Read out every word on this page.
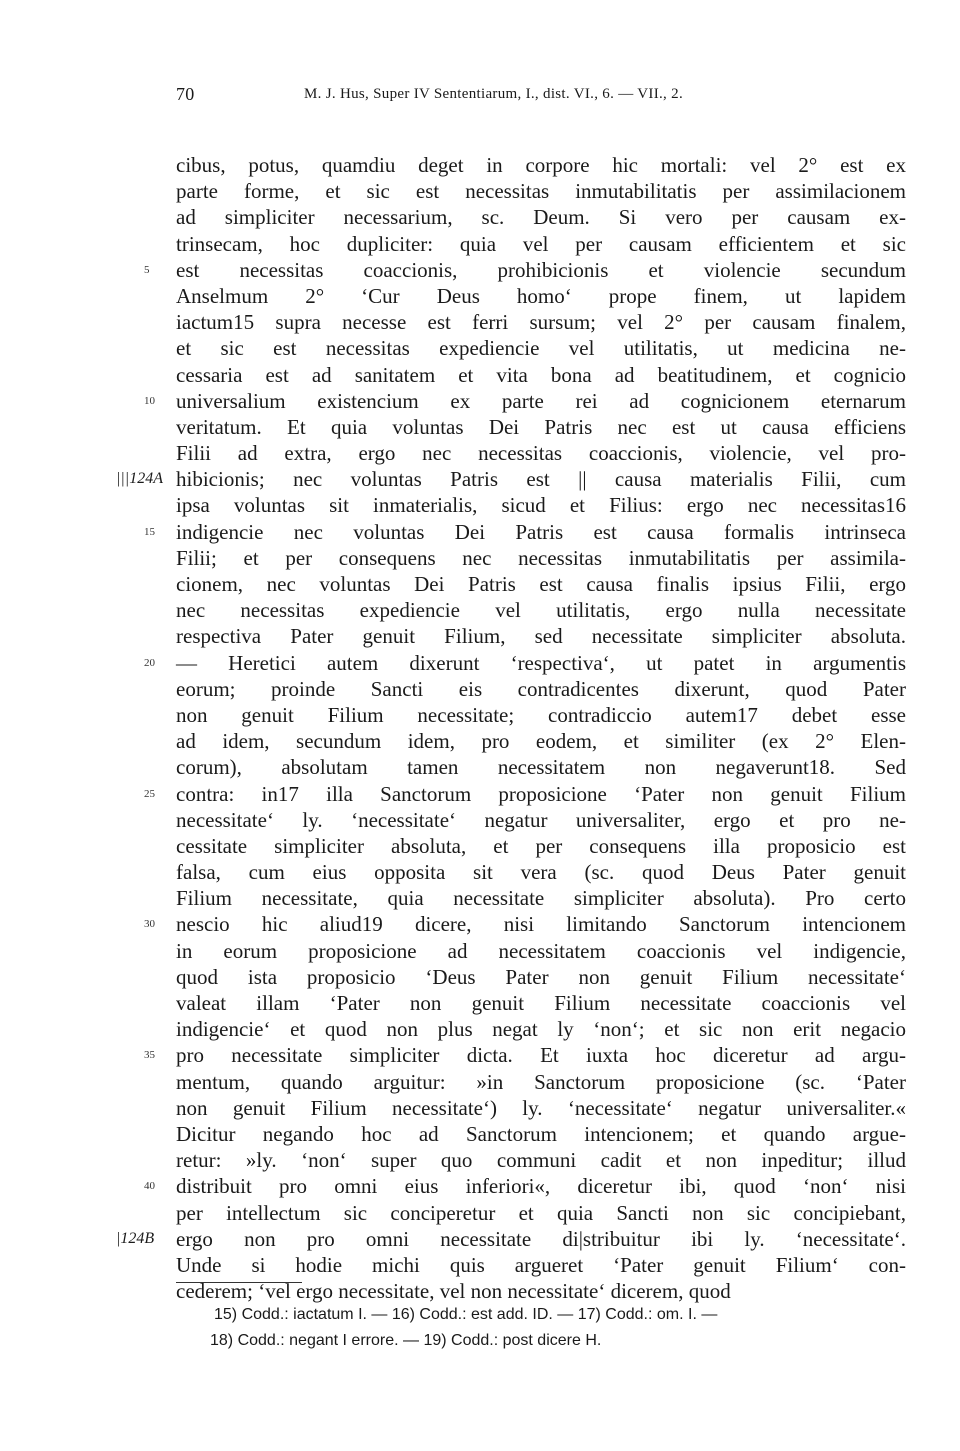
70	M. J. Hus, Super IV Sententiarum, I., dist. VI., 6. — VII., 2.
cibus, potus, quamdiu deget in corpore hic mortali: vel 2° est ex
parte forme, et sic est necessitas inmutabilitatis per assimilacionem
ad simpliciter necessarium, sc. Deum. Si vero per causam ex-
trinsecam, hoc dupliciter: quia vel per causam efficientem et sic
est necessitas coaccionis, prohibicionis et violencie secundum
5
Anselmum 2° ‘Cur Deus homo‘ prope finem, ut lapidem
iactum15 supra necesse est ferri sursum; vel 2° per causam finalem,
et sic est necessitas expediencie vel utilitatis, ut medicina ne-
cessaria est ad sanitatem et vita bona ad beatitudinem, et cognicio
universalium existencium ex parte rei ad cognicionem eternarum
10
veritatum. Et quia voluntas Dei Patris nec est ut causa efficiens
Filii ad extra, ergo nec necessitas coaccionis, violencie, vel pro-
hibicionis; nec voluntas Patris est || causa materialis Filii, cum
|||124A
ipsa voluntas sit inmaterialis, sicud et Filius: ergo nec necessitas16
indigencie nec voluntas Dei Patris est causa formalis intrinseca
15
Filii; et per consequens nec necessitas inmutabilitatis per assimila-
cionem, nec voluntas Dei Patris est causa finalis ipsius Filii, ergo
nec necessitas expediencie vel utilitatis, ergo nulla necessitate
respectiva Pater genuit Filium, sed necessitate simpliciter absoluta.
— Heretici autem dixerunt ‘respectiva‘, ut patet in argumentis
20
eorum; proinde Sancti eis contradicentes dixerunt, quod Pater
non genuit Filium necessitate; contradiccio autem17 debet esse
ad idem, secundum idem, pro eodem, et similiter (ex 2° Elen-
corum), absolutam tamen necessitatem non negaverunt18. Sed
contra: in17 illa Sanctorum proposicione ‘Pater non genuit Filium
25
necessitate‘ ly. ‘necessitate‘ negatur universaliter, ergo et pro ne-
cessitate simpliciter absoluta, et per consequens illa proposicio est
falsa, cum eius opposita sit vera (sc. quod Deus Pater genuit
Filium necessitate, quia necessitate simpliciter absoluta). Pro certo
nescio hic aliud19 dicere, nisi limitando Sanctorum intencionem
30
in eorum proposicione ad necessitatem coaccionis vel indigencie,
quod ista proposicio ‘Deus Pater non genuit Filium necessitate‘
valeat illam ‘Pater non genuit Filium necessitate coaccionis vel
indigencie‘ et quod non plus negat ly ‘non‘; et sic non erit negacio
pro necessitate simpliciter dicta. Et iuxta hoc diceretur ad argu-
35
mentum, quando arguitur: »in Sanctorum proposicione (sc. ‘Pater
non genuit Filium necessitate‘) ly. ‘necessitate‘ negatur universaliter.«
Dicitur negando hoc ad Sanctorum intencionem; et quando argue-
retur: »ly. ‘non‘ super quo communi cadit et non inpeditur; illud
distribuit pro omni eius inferiori«, diceretur ibi, quod ‘non‘ nisi
40
per intellectum sic conciperetur et quia Sancti non sic concipiebant,
ergo non pro omni necessitate di|stribuitur ibi ly. ‘necessitate‘.
|124B
Unde si hodie michi quis argueret ‘Pater genuit Filium‘ con-
cederem; ‘vel ergo necessitate, vel non necessitate‘ dicerem, quod
15) Codd.: iactatum I. — 16) Codd.: est add. ID. — 17) Codd.: om. I. —
18) Codd.: negant I errore. — 19) Codd.: post dicere H.
